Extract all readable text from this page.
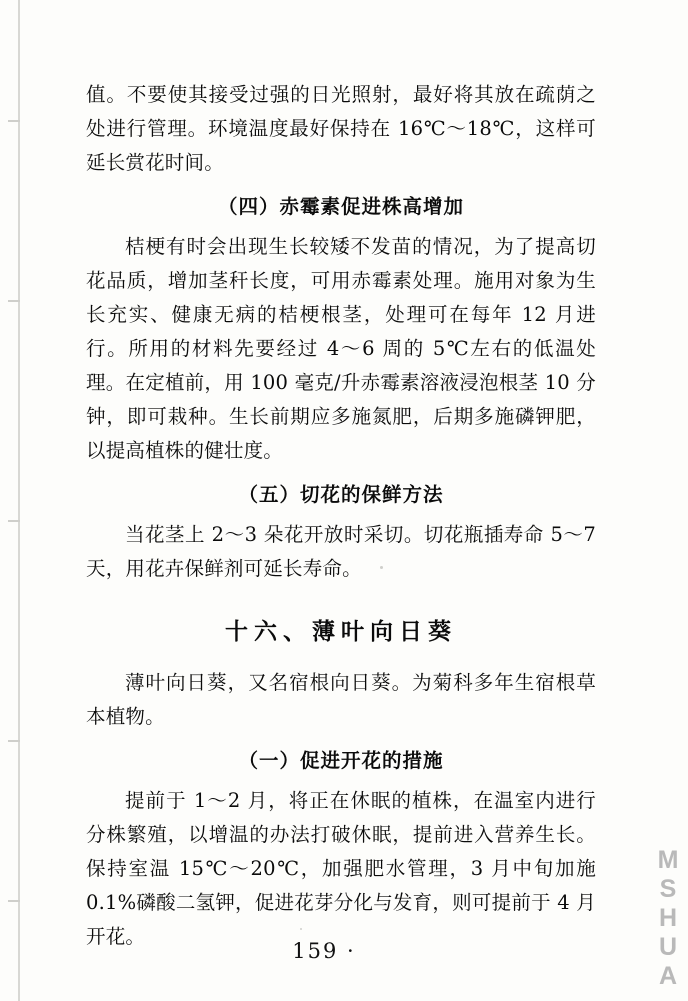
值。不要使其接受过强的日光照射，最好将其放在疏荫之处进行管理。环境温度最好保持在 16℃～18℃，这样可延长赏花时间。

（四）赤霉素促进株高增加

桔梗有时会出现生长较矮不发苗的情况，为了提高切花品质，增加茎秆长度，可用赤霉素处理。施用对象为生长充实、健康无病的桔梗根茎，处理可在每年 12 月进行。所用的材料先要经过 4～6 周的 5℃左右的低温处理。在定植前，用 100 毫克/升赤霉素溶液浸泡根茎 10 分钟，即可栽种。生长前期应多施氮肥，后期多施磷钾肥，以提高植株的健壮度。

（五）切花的保鲜方法

当花茎上 2～3 朵花开放时采切。切花瓶插寿命 5～7 天，用花卉保鲜剂可延长寿命。

十六、薄叶向日葵

薄叶向日葵，又名宿根向日葵。为菊科多年生宿根草本植物。

（一）促进开花的措施

提前于 1～2 月，将正在休眠的植株，在温室内进行分株繁殖，以增温的办法打破休眠，提前进入营养生长。保持室温 15℃～20℃，加强肥水管理，3 月中旬加施 0.1%磷酸二氢钾，促进花芽分化与发育，则可提前于 4 月开花。

159 ·	MSHUA
